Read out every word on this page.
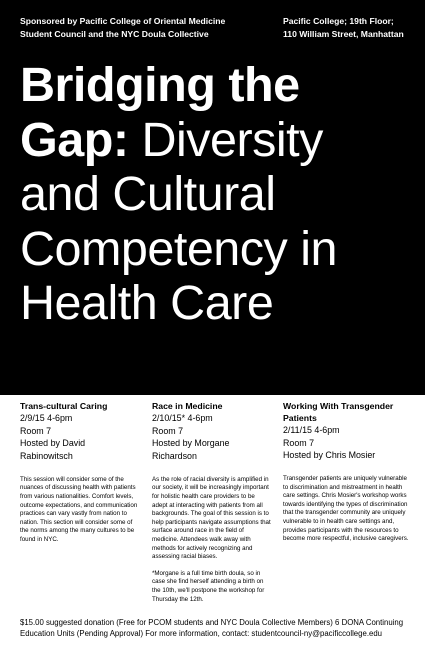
Sponsored by Pacific College of Oriental Medicine
Student Council and the NYC Doula Collective
Pacific College; 19th Floor;
110 William Street, Manhattan
Bridging the
Gap: Diversity
and Cultural
Competency in
Health Care
Trans-cultural Caring
2/9/15 4-6pm
Room 7
Hosted by David Rabinowitsch
This session will consider some of the nuances of discussing health with patients from various nationalities. Comfort levels, outcome expectations, and communication practices can vary vastly from nation to nation. This section will consider some of the norms among the many cultures to be found in NYC.
Race in Medicine
2/10/15* 4-6pm
Room 7
Hosted by Morgane Richardson
As the role of racial diversity is amplified in our society, it will be increasingly important for holistic health care providers to be adept at interacting with patients from all backgrounds. The goal of this session is to help participants navigate assumptions that surface around race in the field of medicine. Attendees walk away with methods for actively recognizing and assessing racial biases.
*Morgane is a full time birth doula, so in case she find herself attending a birth on the 10th, we'll postpone the workshop for Thursday the 12th.
Working With Transgender
Patients
2/11/15 4-6pm
Room 7
Hosted by Chris Mosier
Transgender patients are uniquely vulnerable to discrimination and mistreatment in health care settings. Chris Mosier's workshop works towards identifying the types of discrimination that the transgender community are uniquely vulnerable to in health care settings and, provides participants with the resources to become more respectful, inclusive caregivers.
$15.00 suggested donation (Free for PCOM students and NYC Doula Collective Members) 6 DONA Continuing
Education Units (Pending Approval) For more information, contact: studentcouncil-ny@pacificcollege.edu
